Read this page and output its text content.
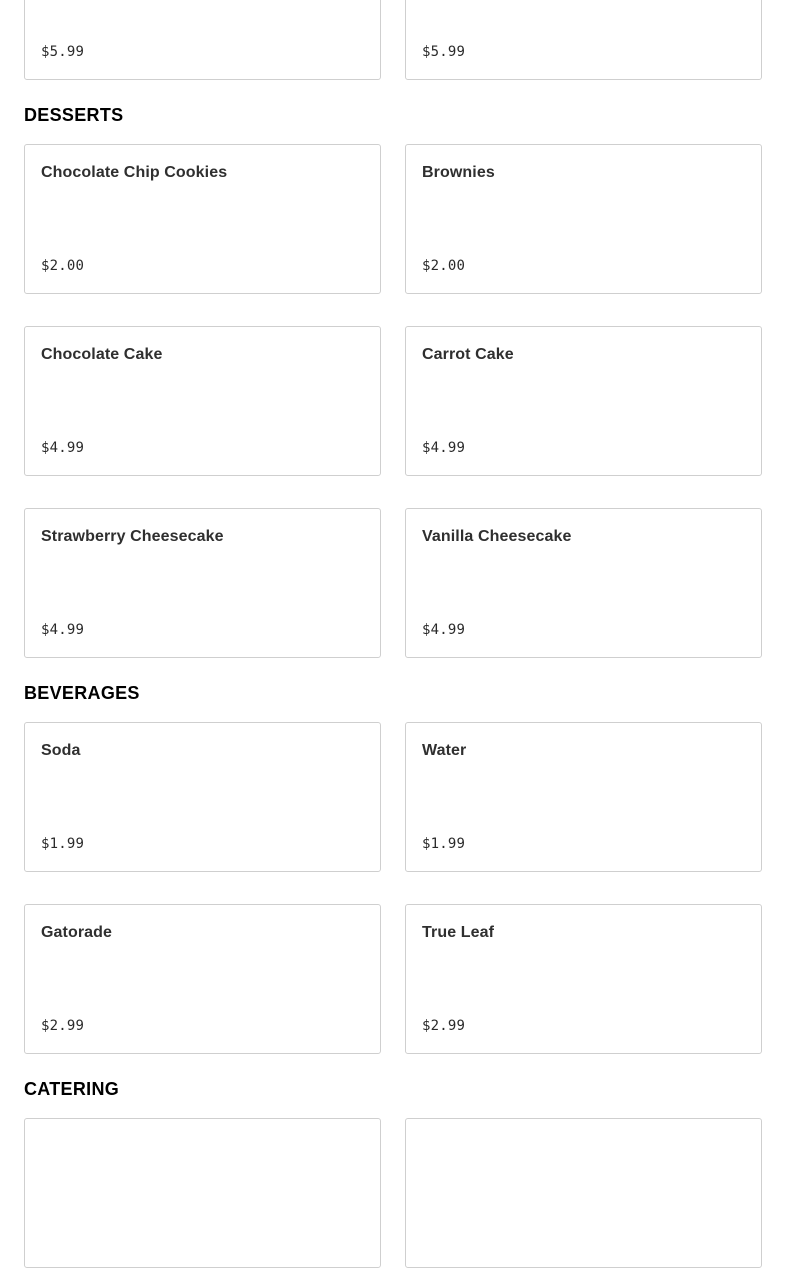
$5.99	$5.99
DESSERTS
Chocolate Chip Cookies
$2.00
Brownies
$2.00
Chocolate Cake
$4.99
Carrot Cake
$4.99
Strawberry Cheesecake
$4.99
Vanilla Cheesecake
$4.99
BEVERAGES
Soda
$1.99
Water
$1.99
Gatorade
$2.99
True Leaf
$2.99
CATERING
